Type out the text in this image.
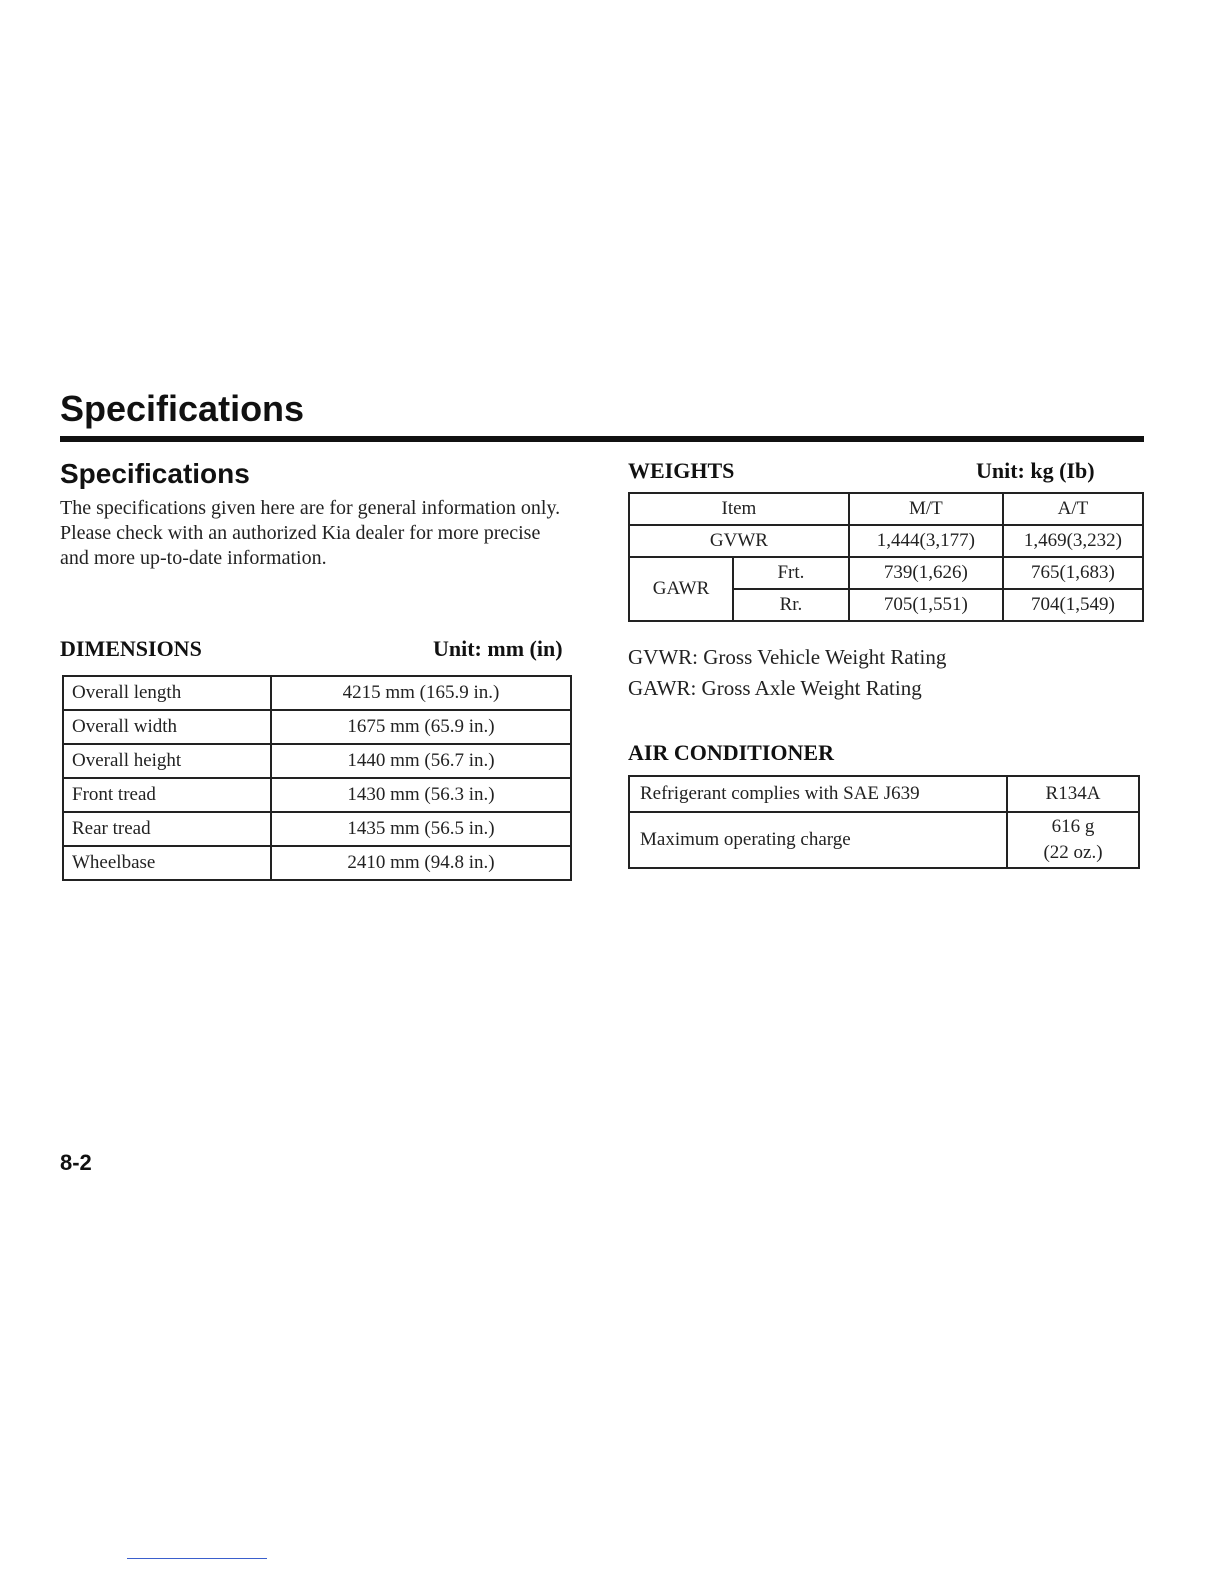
Specifications
Specifications

The specifications given here are for general information only. Please check with an authorized Kia dealer for more precise and more up-to-date information.

DIMENSIONS	Unit: mm (in)
Overall length	4215 mm (165.9 in.)
Overall width	1675 mm (65.9 in.)
Overall height	1440 mm (56.7 in.)
Front tread	1430 mm (56.3 in.)
Rear tread	1435 mm (56.5 in.)
Wheelbase	2410 mm (94.8 in.)
WEIGHTS	Unit: kg (Ib)
Item		M/T	A/T
GVWR		1,444(3,177)	1,469(3,232)
GAWR	Frt.	739(1,626)	765(1,683)
	Rr.	705(1,551)	704(1,549)
GVWR: Gross Vehicle Weight Rating
GAWR: Gross Axle Weight Rating
AIR CONDITIONER
Refrigerant complies with SAE J639	R134A
Maximum operating charge	616 g
(22 oz.)
8-2
